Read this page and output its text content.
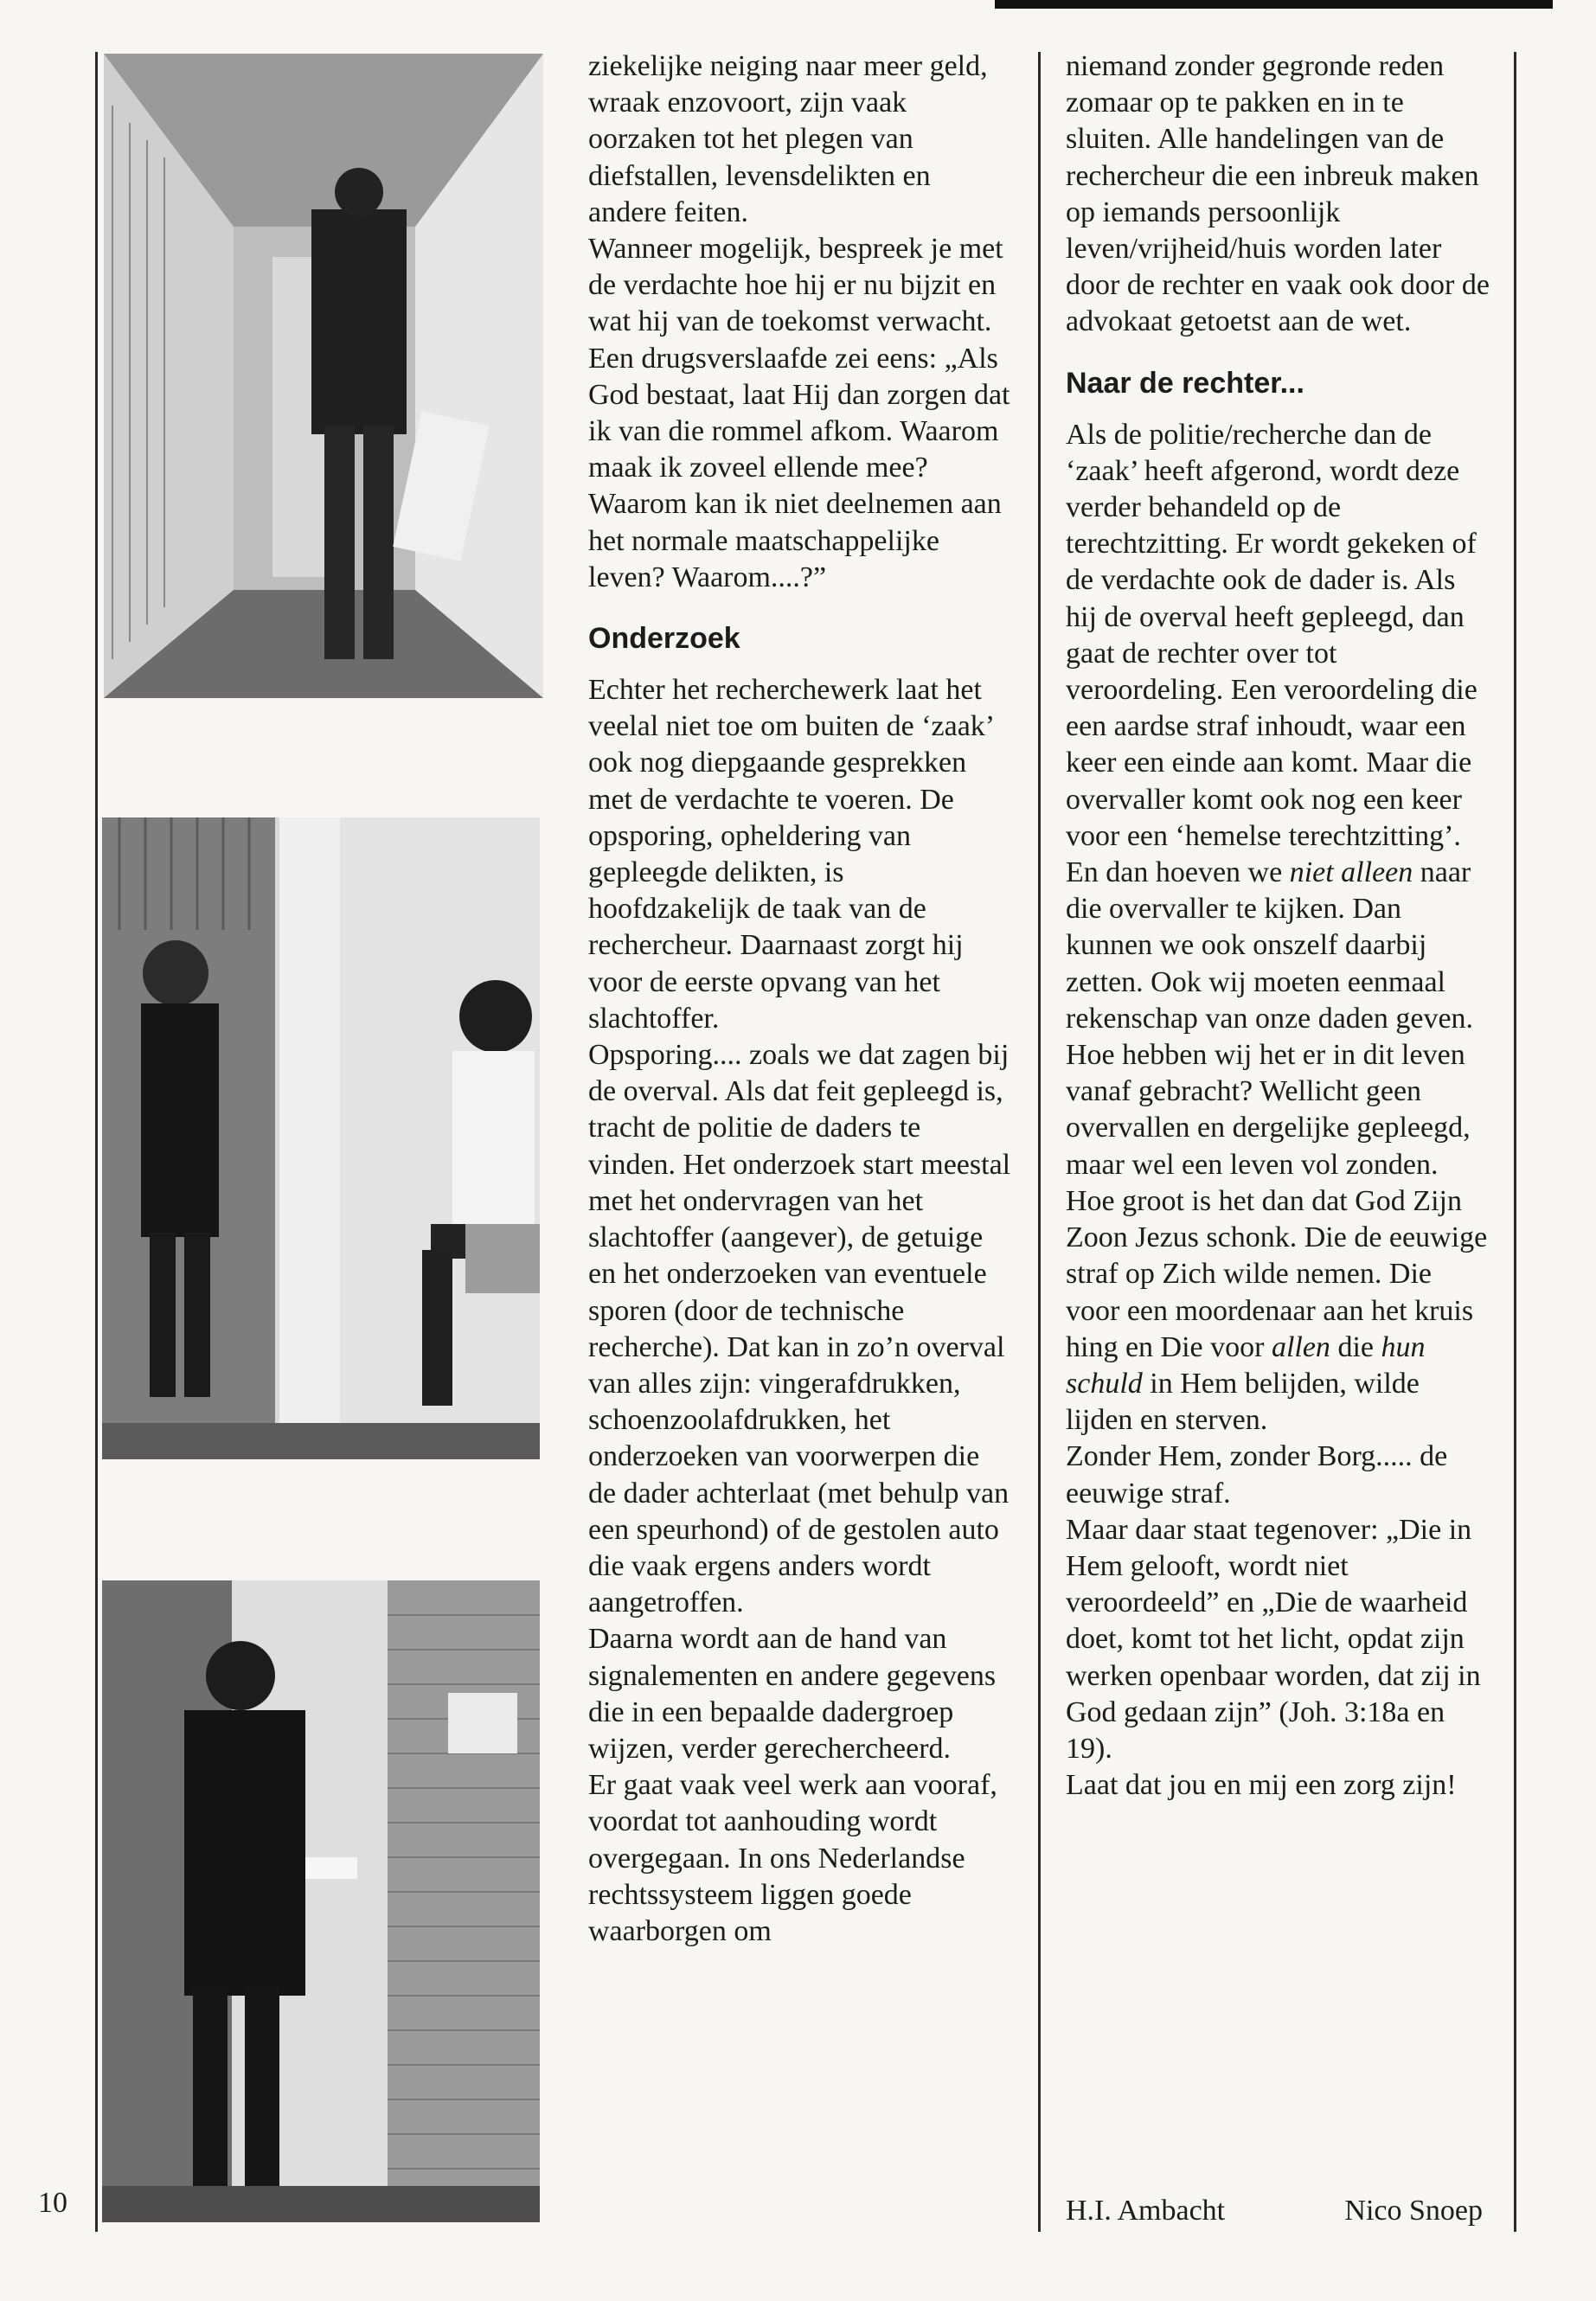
ziekelijke neiging naar meer geld, wraak enzovoort, zijn vaak oorzaken tot het plegen van diefstallen, levensdelikten en andere feiten.

Wanneer mogelijk, bespreek je met de verdachte hoe hij er nu bijzit en wat hij van de toekomst verwacht. Een drugsverslaafde zei eens: „Als God bestaat, laat Hij dan zorgen dat ik van die rommel afkom. Waarom maak ik zoveel ellende mee? Waarom kan ik niet deelnemen aan het normale maatschappelijke leven? Waarom....?”

Onderzoek

Echter het recherchewerk laat het veelal niet toe om buiten de ‘zaak’ ook nog diepgaande gesprekken met de verdachte te voeren. De opsporing, opheldering van gepleegde delikten, is hoofdzakelijk de taak van de rechercheur. Daarnaast zorgt hij voor de eerste opvang van het slachtoffer.

Opsporing.... zoals we dat zagen bij de overval. Als dat feit gepleegd is, tracht de politie de daders te vinden. Het onderzoek start meestal met het ondervragen van het slachtoffer (aangever), de getuige en het onderzoeken van eventuele sporen (door de technische recherche). Dat kan in zo’n overval van alles zijn: vingerafdrukken, schoenzoolafdrukken, het onderzoeken van voorwerpen die de dader achterlaat (met behulp van een speurhond) of de gestolen auto die vaak ergens anders wordt aangetroffen.

Daarna wordt aan de hand van signalementen en andere gegevens die in een bepaalde dadergroep wijzen, verder gerechercheerd.

Er gaat vaak veel werk aan vooraf, voordat tot aanhouding wordt overgegaan. In ons Nederlandse rechtssysteem liggen goede waarborgen om

niemand zonder gegronde reden zomaar op te pakken en in te sluiten. Alle handelingen van de rechercheur die een inbreuk maken op iemands persoonlijk leven/vrijheid/huis worden later door de rechter en vaak ook door de advokaat getoetst aan de wet.

Naar de rechter...

Als de politie/recherche dan de ‘zaak’ heeft afgerond, wordt deze verder behandeld op de terechtzitting. Er wordt gekeken of de verdachte ook de dader is. Als hij de overval heeft gepleegd, dan gaat de rechter over tot veroordeling. Een veroordeling die een aardse straf inhoudt, waar een keer een einde aan komt. Maar die overvaller komt ook nog een keer voor een ‘hemelse terechtzitting’. En dan hoeven we niet alleen naar die overvaller te kijken. Dan kunnen we ook onszelf daarbij zetten. Ook wij moeten eenmaal rekenschap van onze daden geven.

Hoe hebben wij het er in dit leven vanaf gebracht? Wellicht geen overvallen en dergelijke gepleegd, maar wel een leven vol zonden.

Hoe groot is het dan dat God Zijn Zoon Jezus schonk. Die de eeuwige straf op Zich wilde nemen. Die voor een moordenaar aan het kruis hing en Die voor allen die hun schuld in Hem belijden, wilde lijden en sterven.

Zonder Hem, zonder Borg..... de eeuwige straf.

Maar daar staat tegenover: „Die in Hem gelooft, wordt niet veroordeeld” en „Die de waarheid doet, komt tot het licht, opdat zijn werken openbaar worden, dat zij in God gedaan zijn” (Joh. 3:18a en 19).

Laat dat jou en mij een zorg zijn!

H.I. Ambacht	Nico Snoep
10
